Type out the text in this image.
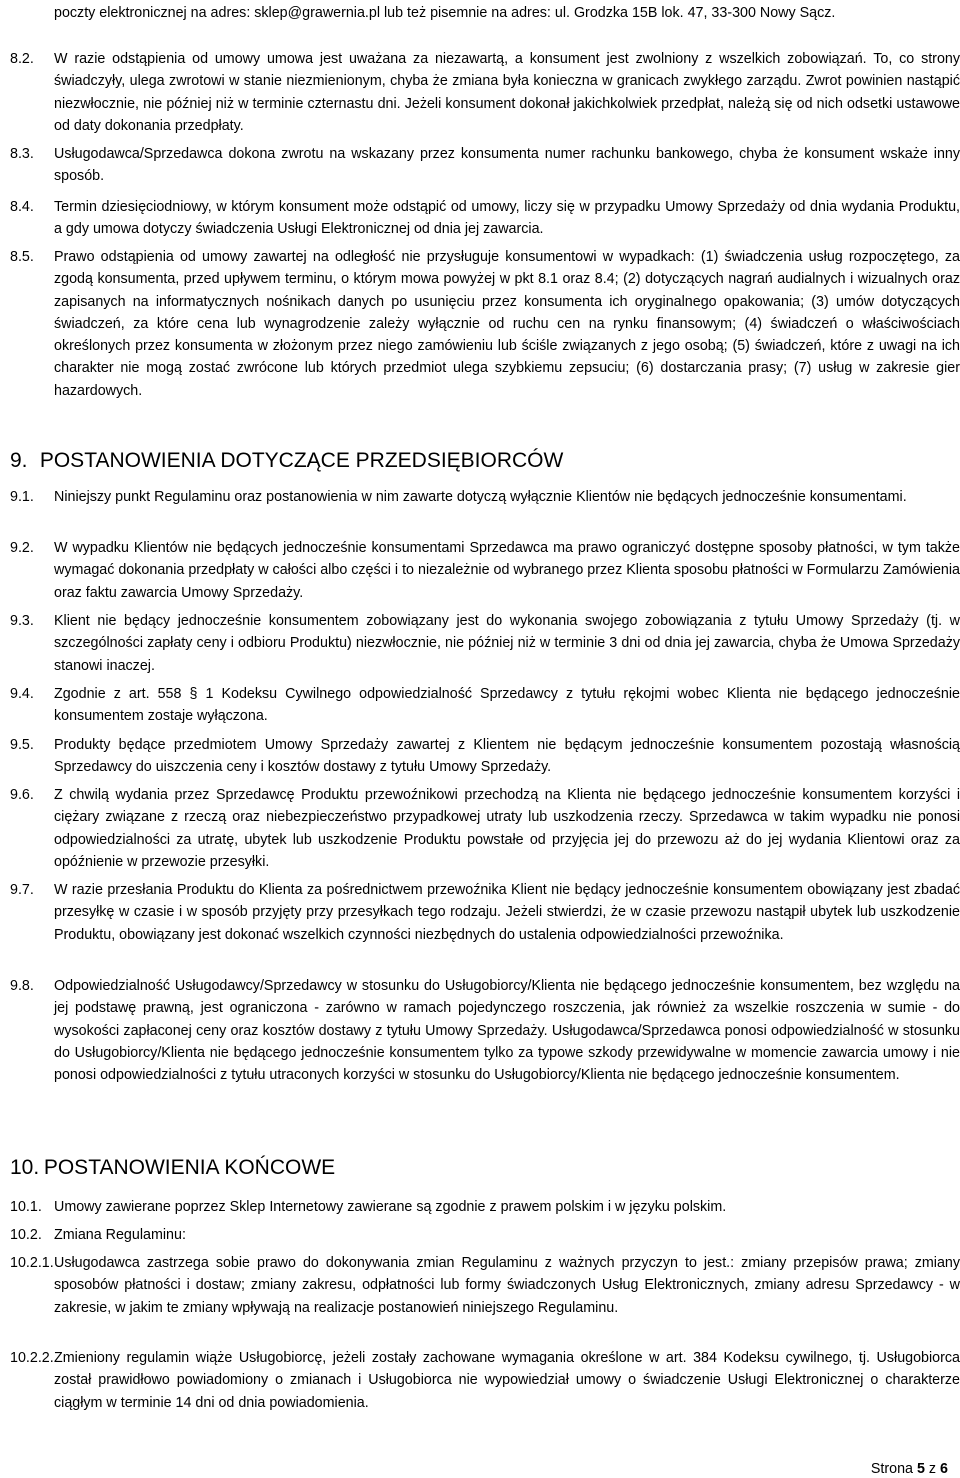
poczty elektronicznej na adres: sklep@grawernia.pl lub też pisemnie na adres: ul. Grodzka 15B lok. 47, 33-300 Nowy Sącz.
8.2. W razie odstąpienia od umowy umowa jest uważana za niezawartą, a konsument jest zwolniony z wszelkich zobowiązań. To, co strony świadczyły, ulega zwrotowi w stanie niezmienionym, chyba że zmiana była konieczna w granicach zwykłego zarządu. Zwrot powinien nastąpić niezwłocznie, nie później niż w terminie czternastu dni. Jeżeli konsument dokonał jakichkolwiek przedpłat, należą się od nich odsetki ustawowe od daty dokonania przedpłaty.
8.3. Usługodawca/Sprzedawca dokona zwrotu na wskazany przez konsumenta numer rachunku bankowego, chyba że konsument wskaże inny sposób.
8.4. Termin dziesięciodniowy, w którym konsument może odstąpić od umowy, liczy się w przypadku Umowy Sprzedaży od dnia wydania Produktu, a gdy umowa dotyczy świadczenia Usługi Elektronicznej od dnia jej zawarcia.
8.5. Prawo odstąpienia od umowy zawartej na odległość nie przysługuje konsumentowi w wypadkach: (1) świadczenia usług rozpoczętego, za zgodą konsumenta, przed upływem terminu, o którym mowa powyżej w pkt 8.1 oraz 8.4; (2) dotyczących nagrań audialnych i wizualnych oraz zapisanych na informatycznych nośnikach danych po usunięciu przez konsumenta ich oryginalnego opakowania; (3) umów dotyczących świadczeń, za które cena lub wynagrodzenie zależy wyłącznie od ruchu cen na rynku finansowym; (4) świadczeń o właściwościach określonych przez konsumenta w złożonym przez niego zamówieniu lub ściśle związanych z jego osobą; (5) świadczeń, które z uwagi na ich charakter nie mogą zostać zwrócone lub których przedmiot ulega szybkiemu zepsuciu; (6) dostarczania prasy; (7) usług w zakresie gier hazardowych.
9. POSTANOWIENIA DOTYCZĄCE PRZEDSIĘBIORCÓW
9.1. Niniejszy punkt Regulaminu oraz postanowienia w nim zawarte dotyczą wyłącznie Klientów nie będących jednocześnie konsumentami.
9.2. W wypadku Klientów nie będących jednocześnie konsumentami Sprzedawca ma prawo ograniczyć dostępne sposoby płatności, w tym także wymagać dokonania przedpłaty w całości albo części i to niezależnie od wybranego przez Klienta sposobu płatności w Formularzu Zamówienia oraz faktu zawarcia Umowy Sprzedaży.
9.3. Klient nie będący jednocześnie konsumentem zobowiązany jest do wykonania swojego zobowiązania z tytułu Umowy Sprzedaży (tj. w szczególności zapłaty ceny i odbioru Produktu) niezwłocznie, nie później niż w terminie 3 dni od dnia jej zawarcia, chyba że Umowa Sprzedaży stanowi inaczej.
9.4. Zgodnie z art. 558 § 1 Kodeksu Cywilnego odpowiedzialność Sprzedawcy z tytułu rękojmi wobec Klienta nie będącego jednocześnie konsumentem zostaje wyłączona.
9.5. Produkty będące przedmiotem Umowy Sprzedaży zawartej z Klientem nie będącym jednocześnie konsumentem pozostają własnością Sprzedawcy do uiszczenia ceny i kosztów dostawy z tytułu Umowy Sprzedaży.
9.6. Z chwilą wydania przez Sprzedawcę Produktu przewoźnikowi przechodzą na Klienta nie będącego jednocześnie konsumentem korzyści i ciężary związane z rzeczą oraz niebezpieczeństwo przypadkowej utraty lub uszkodzenia rzeczy. Sprzedawca w takim wypadku nie ponosi odpowiedzialności za utratę, ubytek lub uszkodzenie Produktu powstałe od przyjęcia jej do przewozu aż do jej wydania Klientowi oraz za opóźnienie w przewozie przesyłki.
9.7. W razie przesłania Produktu do Klienta za pośrednictwem przewoźnika Klient nie będący jednocześnie konsumentem obowiązany jest zbadać przesyłkę w czasie i w sposób przyjęty przy przesyłkach tego rodzaju. Jeżeli stwierdzi, że w czasie przewozu nastąpił ubytek lub uszkodzenie Produktu, obowiązany jest dokonać wszelkich czynności niezbędnych do ustalenia odpowiedzialności przewoźnika.
9.8. Odpowiedzialność Usługodawcy/Sprzedawcy w stosunku do Usługobiorcy/Klienta nie będącego jednocześnie konsumentem, bez względu na jej podstawę prawną, jest ograniczona - zarówno w ramach pojedynczego roszczenia, jak również za wszelkie roszczenia w sumie - do wysokości zapłaconej ceny oraz kosztów dostawy z tytułu Umowy Sprzedaży. Usługodawca/Sprzedawca ponosi odpowiedzialność w stosunku do Usługobiorcy/Klienta nie będącego jednocześnie konsumentem tylko za typowe szkody przewidywalne w momencie zawarcia umowy i nie ponosi odpowiedzialności z tytułu utraconych korzyści w stosunku do Usługobiorcy/Klienta nie będącego jednocześnie konsumentem.
10. POSTANOWIENIA KOŃCOWE
10.1. Umowy zawierane poprzez Sklep Internetowy zawierane są zgodnie z prawem polskim i w języku polskim.
10.2. Zmiana Regulaminu:
10.2.1. Usługodawca zastrzega sobie prawo do dokonywania zmian Regulaminu z ważnych przyczyn to jest.: zmiany przepisów prawa; zmiany sposobów płatności i dostaw; zmiany zakresu, odpłatności lub formy świadczonych Usług Elektronicznych, zmiany adresu Sprzedawcy - w zakresie, w jakim te zmiany wpływają na realizacje postanowień niniejszego Regulaminu.
10.2.2. Zmieniony regulamin wiąże Usługobiorcę, jeżeli zostały zachowane wymagania określone w art. 384 Kodeksu cywilnego, tj. Usługobiorca został prawidłowo powiadomiony o zmianach i Usługobiorca nie wypowiedział umowy o świadczenie Usługi Elektronicznej o charakterze ciągłym w terminie 14 dni od dnia powiadomienia.
Strona 5 z 6
